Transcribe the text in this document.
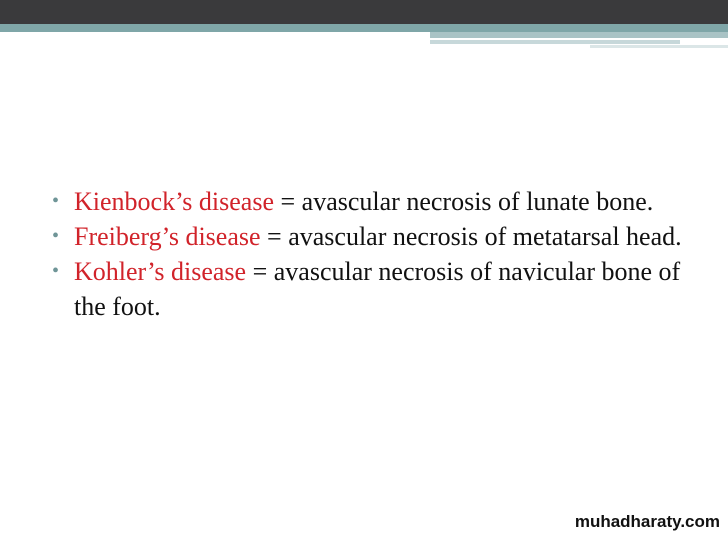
• Kienbock’s disease = avascular necrosis of lunate bone.
• Freiberg’s disease = avascular necrosis of metatarsal head.
• Kohler’s disease = avascular necrosis of navicular bone of the foot.
muhadharaty.com
